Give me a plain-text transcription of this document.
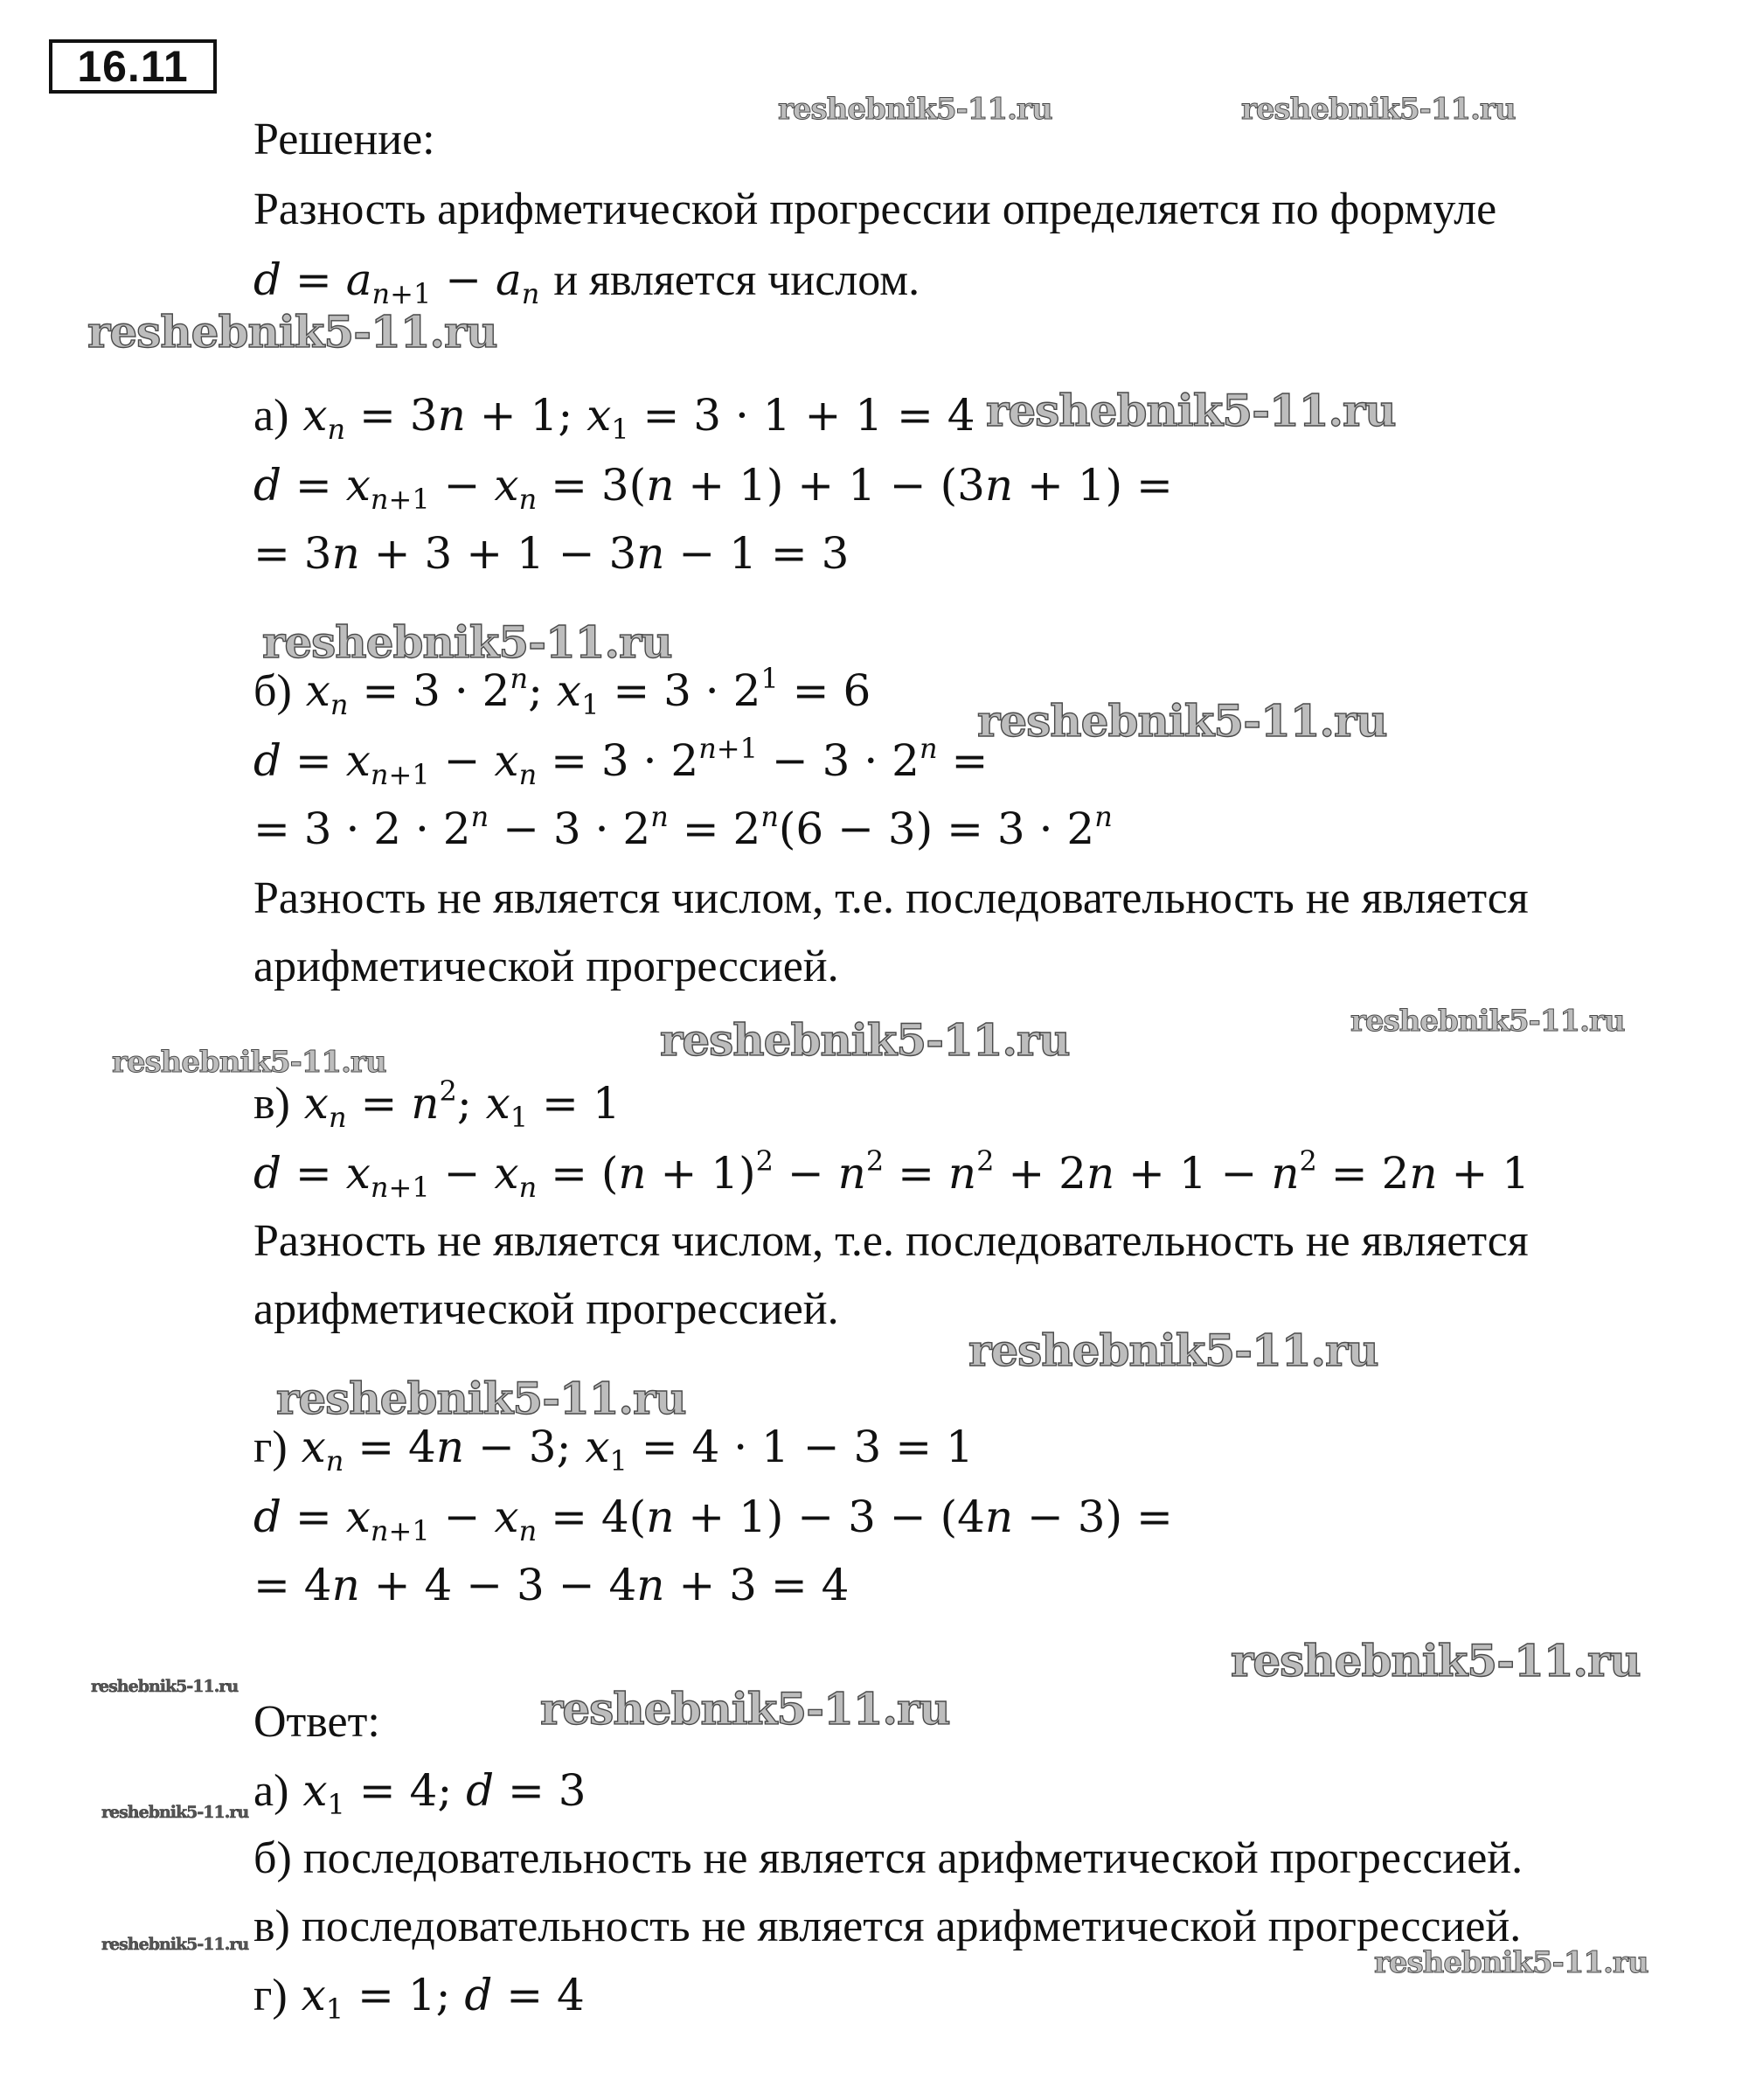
16.11
reshebnik5-11.ru	reshebnik5-11.ru
reshebnik5-11.ru
reshebnik5-11.ru
reshebnik5-11.ru
reshebnik5-11.ru
reshebnik5-11.ru
reshebnik5-11.ru
reshebnik5-11.ru
reshebnik5-11.ru
reshebnik5-11.ru
reshebnik5-11.ru
reshebnik5-11.ru	reshebnik5-11.ru
reshebnik5-11.ru
reshebnik5-11.ru
reshebnik5-11.ru
Решение:
Разность арифметической прогрессии определяется по формуле
$d = a_{n+1} - a_n$ и является числом.
а) $x_n = 3n + 1$; $x_1 = 3 \cdot 1 + 1 = 4$
$d = x_{n+1} - x_n = 3(n + 1) + 1 - (3n + 1)$ =
= 3n + 3 + 1 − 3n − 1 = 3
б) $x_n = 3 \cdot 2^n$; $x_1 = 3 \cdot 2^1 = 6$
$d = x_{n+1} - x_n = 3 \cdot 2^{n+1} - 3 \cdot 2^n$ =
= $3 \cdot 2 \cdot 2^n - 3 \cdot 2^n = 2^n(6 - 3) = 3 \cdot 2^n$
Разность не является числом, т.е. последовательность не является
арифметической прогрессией.
в) $x_n = n^2$; $x_1 = 1$
$d = x_{n+1} - x_n = (n + 1)^2 - n^2 = n^2 + 2n + 1 - n^2 = 2n + 1$
Разность не является числом, т.е. последовательность не является
арифметической прогрессией.
г) $x_n = 4n - 3$; $x_1 = 4 \cdot 1 - 3 = 1$
$d = x_{n+1} - x_n = 4(n + 1) - 3 - (4n - 3)$ =
= 4n + 4 − 3 − 4n + 3 = 4
Ответ:
а) $x_1 = 4$; d = 3
б) последовательность не является арифметической прогрессией.
в) последовательность не является арифметической прогрессией.
г) $x_1 = 1$; d = 4
